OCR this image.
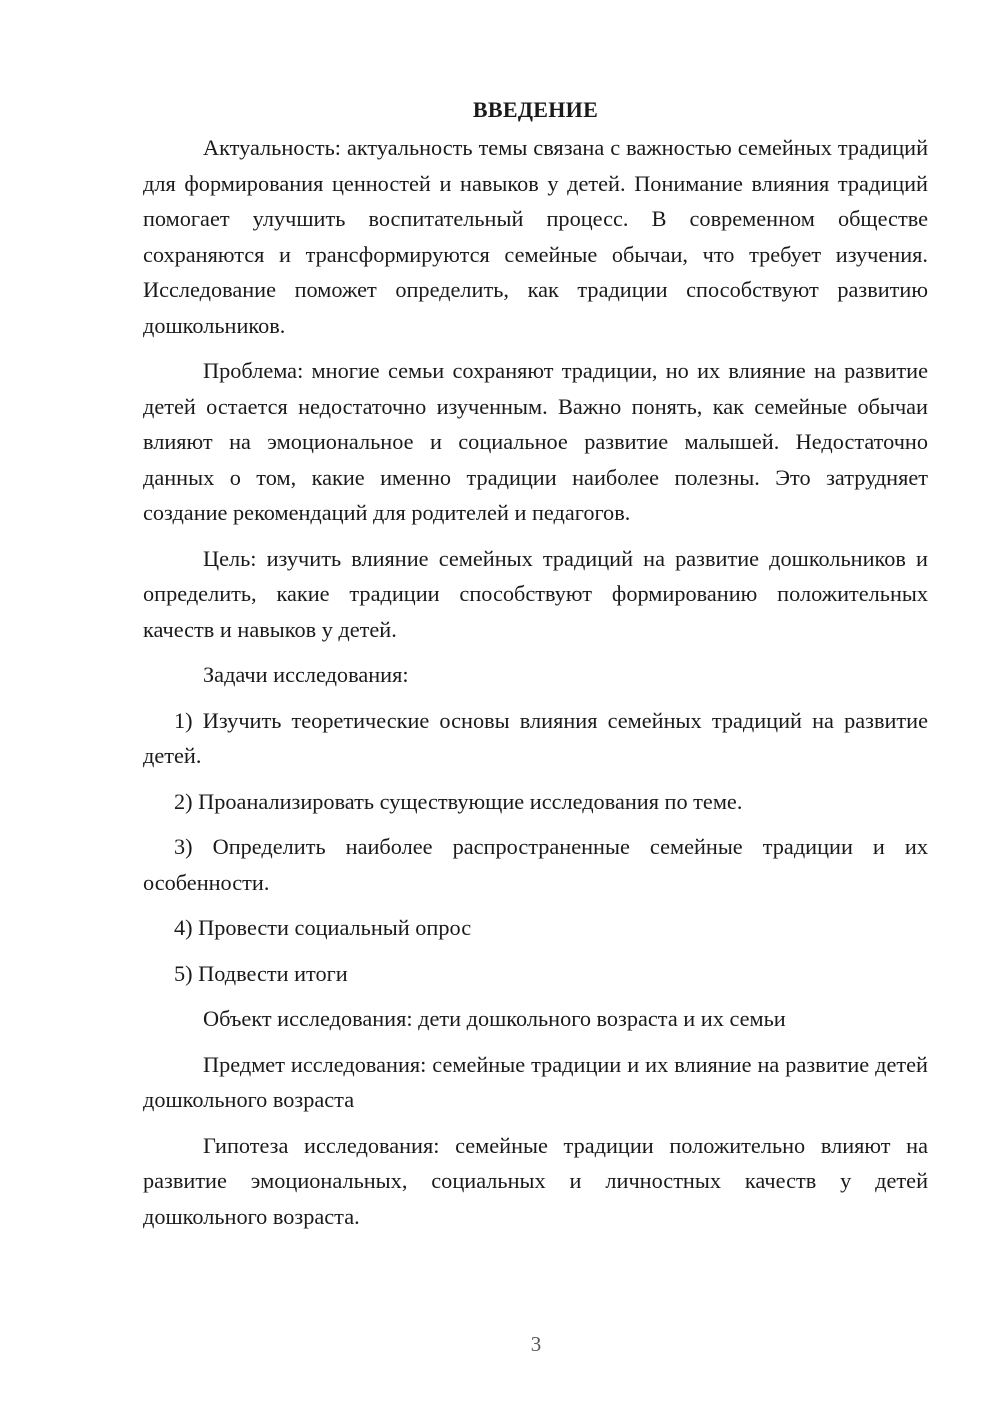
ВВЕДЕНИЕ

Актуальность: актуальность темы связана с важностью семейных традиций для формирования ценностей и навыков у детей. Понимание влияния традиций помогает улучшить воспитательный процесс. В современном обществе сохраняются и трансформируются семейные обычаи, что требует изучения. Исследование поможет определить, как традиции способствуют развитию дошкольников.

Проблема: многие семьи сохраняют традиции, но их влияние на развитие детей остается недостаточно изученным. Важно понять, как семейные обычаи влияют на эмоциональное и социальное развитие малышей. Недостаточно данных о том, какие именно традиции наиболее полезны. Это затрудняет создание рекомендаций для родителей и педагогов.

Цель: изучить влияние семейных традиций на развитие дошкольников и определить, какие традиции способствуют формированию положительных качеств и навыков у детей.

Задачи исследования:

1) Изучить теоретические основы влияния семейных традиций на развитие детей.

2) Проанализировать существующие исследования по теме.

3) Определить наиболее распространенные семейные традиции и их особенности.

4) Провести социальный опрос

5) Подвести итоги

Объект исследования: дети дошкольного возраста и их семьи

Предмет исследования: семейные традиции и их влияние на развитие детей дошкольного возраста

Гипотеза исследования: семейные традиции положительно влияют на развитие эмоциональных, социальных и личностных качеств у детей дошкольного возраста.

3
